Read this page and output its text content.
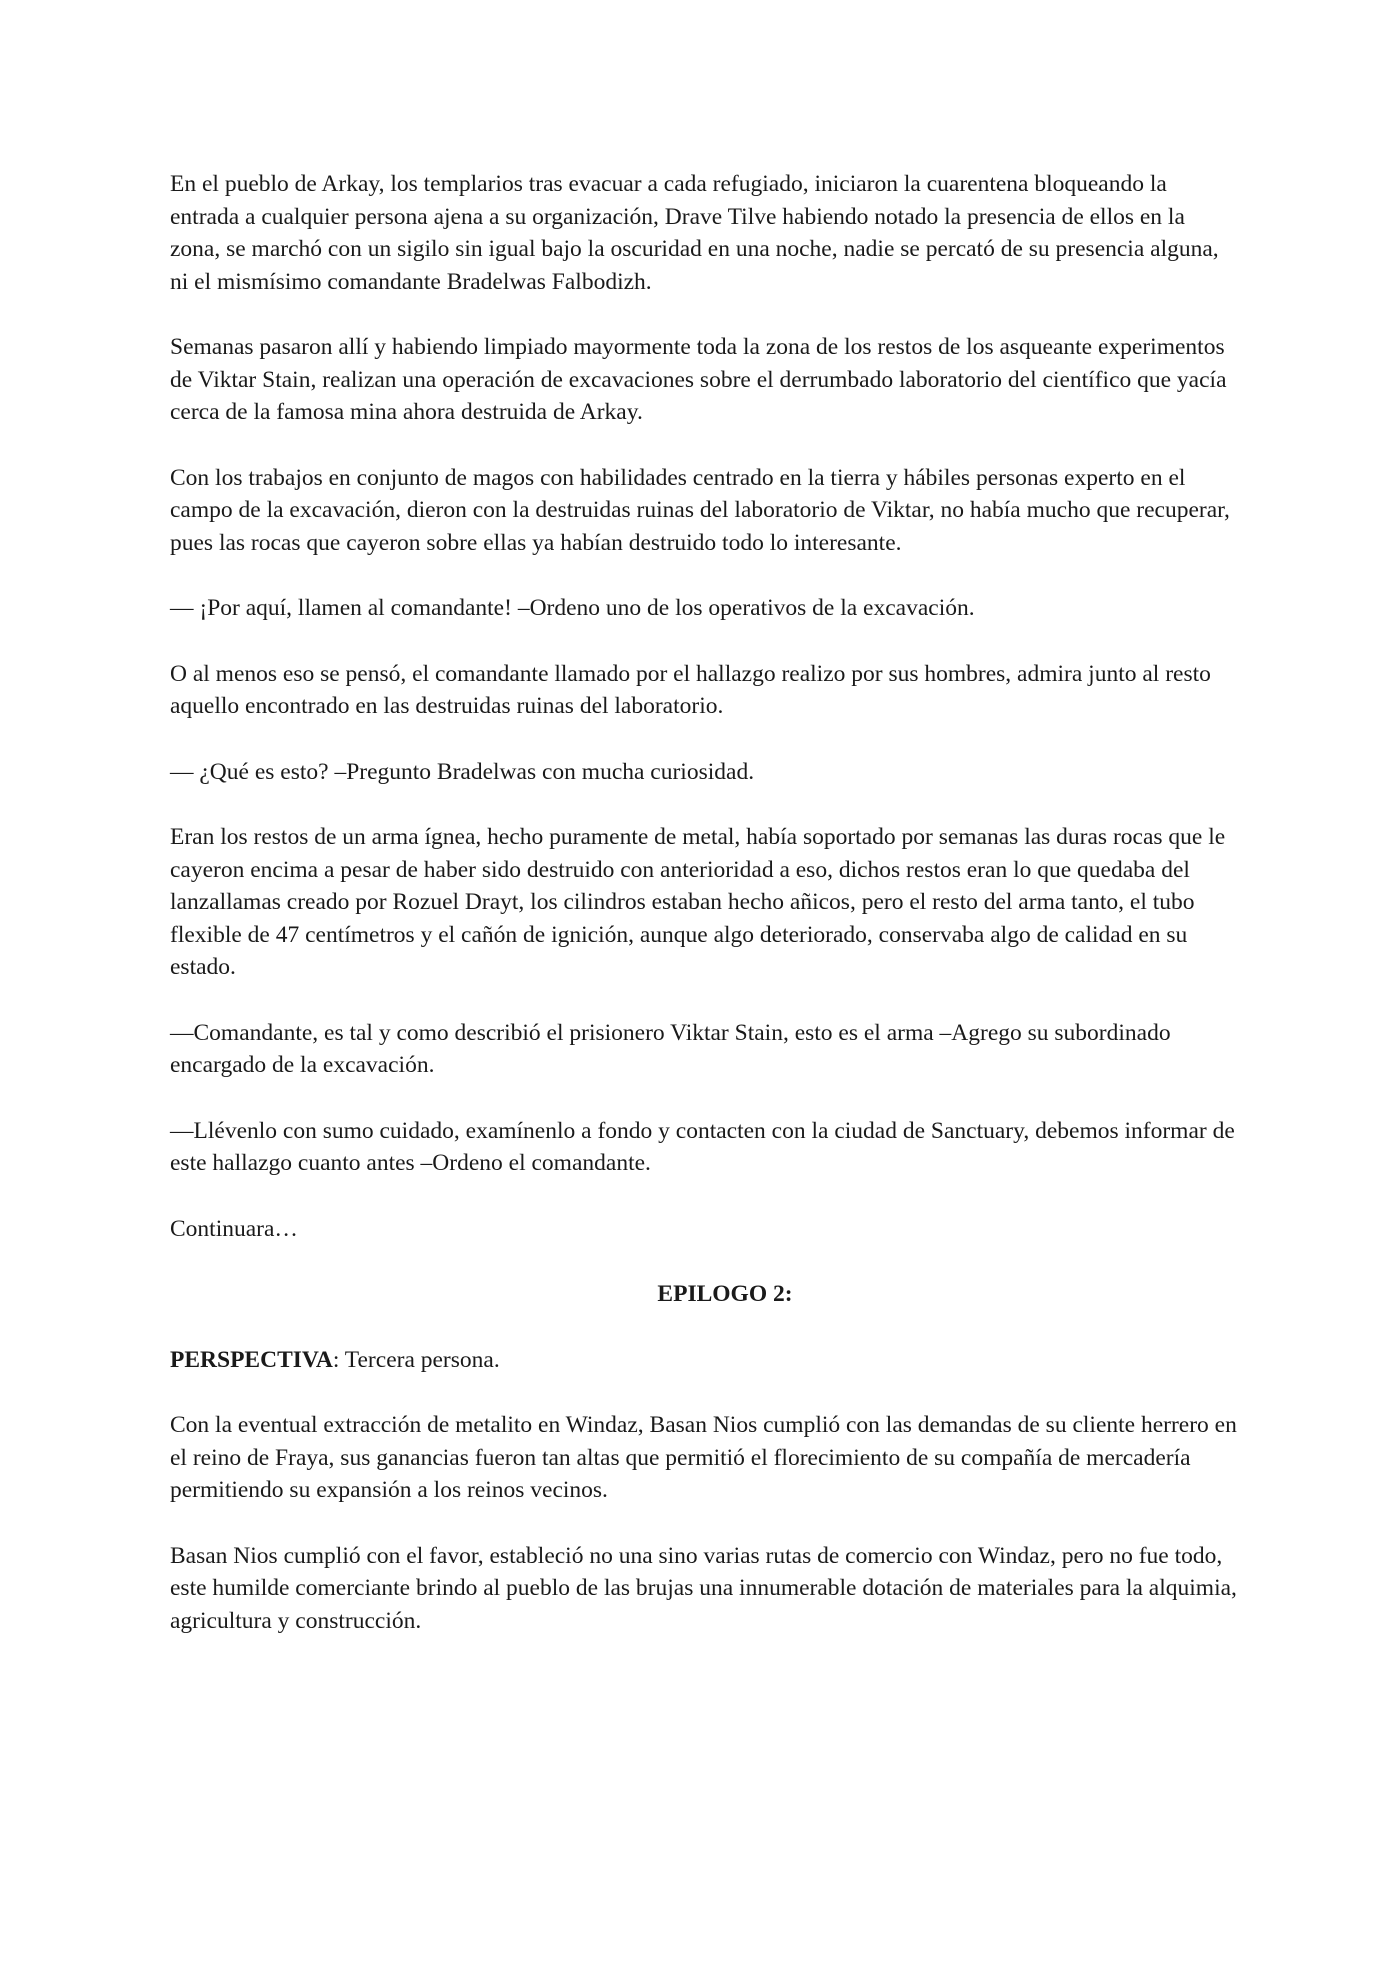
En el pueblo de Arkay, los templarios tras evacuar a cada refugiado, iniciaron la cuarentena bloqueando la entrada a cualquier persona ajena a su organización, Drave Tilve habiendo notado la presencia de ellos en la zona, se marchó con un sigilo sin igual bajo la oscuridad en una noche, nadie se percató de su presencia alguna, ni el mismísimo comandante Bradelwas Falbodizh.

Semanas pasaron allí y habiendo limpiado mayormente toda la zona de los restos de los asqueante experimentos de Viktar Stain, realizan una operación de excavaciones sobre el derrumbado laboratorio del científico que yacía cerca de la famosa mina ahora destruida de Arkay.

Con los trabajos en conjunto de magos con habilidades centrado en la tierra y hábiles personas experto en el campo de la excavación, dieron con la destruidas ruinas del laboratorio de Viktar, no había mucho que recuperar, pues las rocas que cayeron sobre ellas ya habían destruido todo lo interesante.

— ¡Por aquí, llamen al comandante! –Ordeno uno de los operativos de la excavación.

O al menos eso se pensó, el comandante llamado por el hallazgo realizo por sus hombres, admira junto al resto aquello encontrado en las destruidas ruinas del laboratorio.

— ¿Qué es esto? –Pregunto Bradelwas con mucha curiosidad.

Eran los restos de un arma ígnea, hecho puramente de metal, había soportado por semanas las duras rocas que le cayeron encima a pesar de haber sido destruido con anterioridad a eso, dichos restos eran lo que quedaba del lanzallamas creado por Rozuel Drayt, los cilindros estaban hecho añicos, pero el resto del arma tanto, el tubo flexible de 47 centímetros y el cañón de ignición, aunque algo deteriorado, conservaba algo de calidad en su estado.

—Comandante, es tal y como describió el prisionero Viktar Stain, esto es el arma –Agrego su subordinado encargado de la excavación.

—Llévenlo con sumo cuidado, examínenlo a fondo y contacten con la ciudad de Sanctuary, debemos informar de este hallazgo cuanto antes –Ordeno el comandante.

Continuara…

EPILOGO 2:

PERSPECTIVA: Tercera persona.

Con la eventual extracción de metalito en Windaz, Basan Nios cumplió con las demandas de su cliente herrero en el reino de Fraya, sus ganancias fueron tan altas que permitió el florecimiento de su compañía de mercadería permitiendo su expansión a los reinos vecinos.

Basan Nios cumplió con el favor, estableció no una sino varias rutas de comercio con Windaz, pero no fue todo, este humilde comerciante brindo al pueblo de las brujas una innumerable dotación de materiales para la alquimia, agricultura y construcción.
